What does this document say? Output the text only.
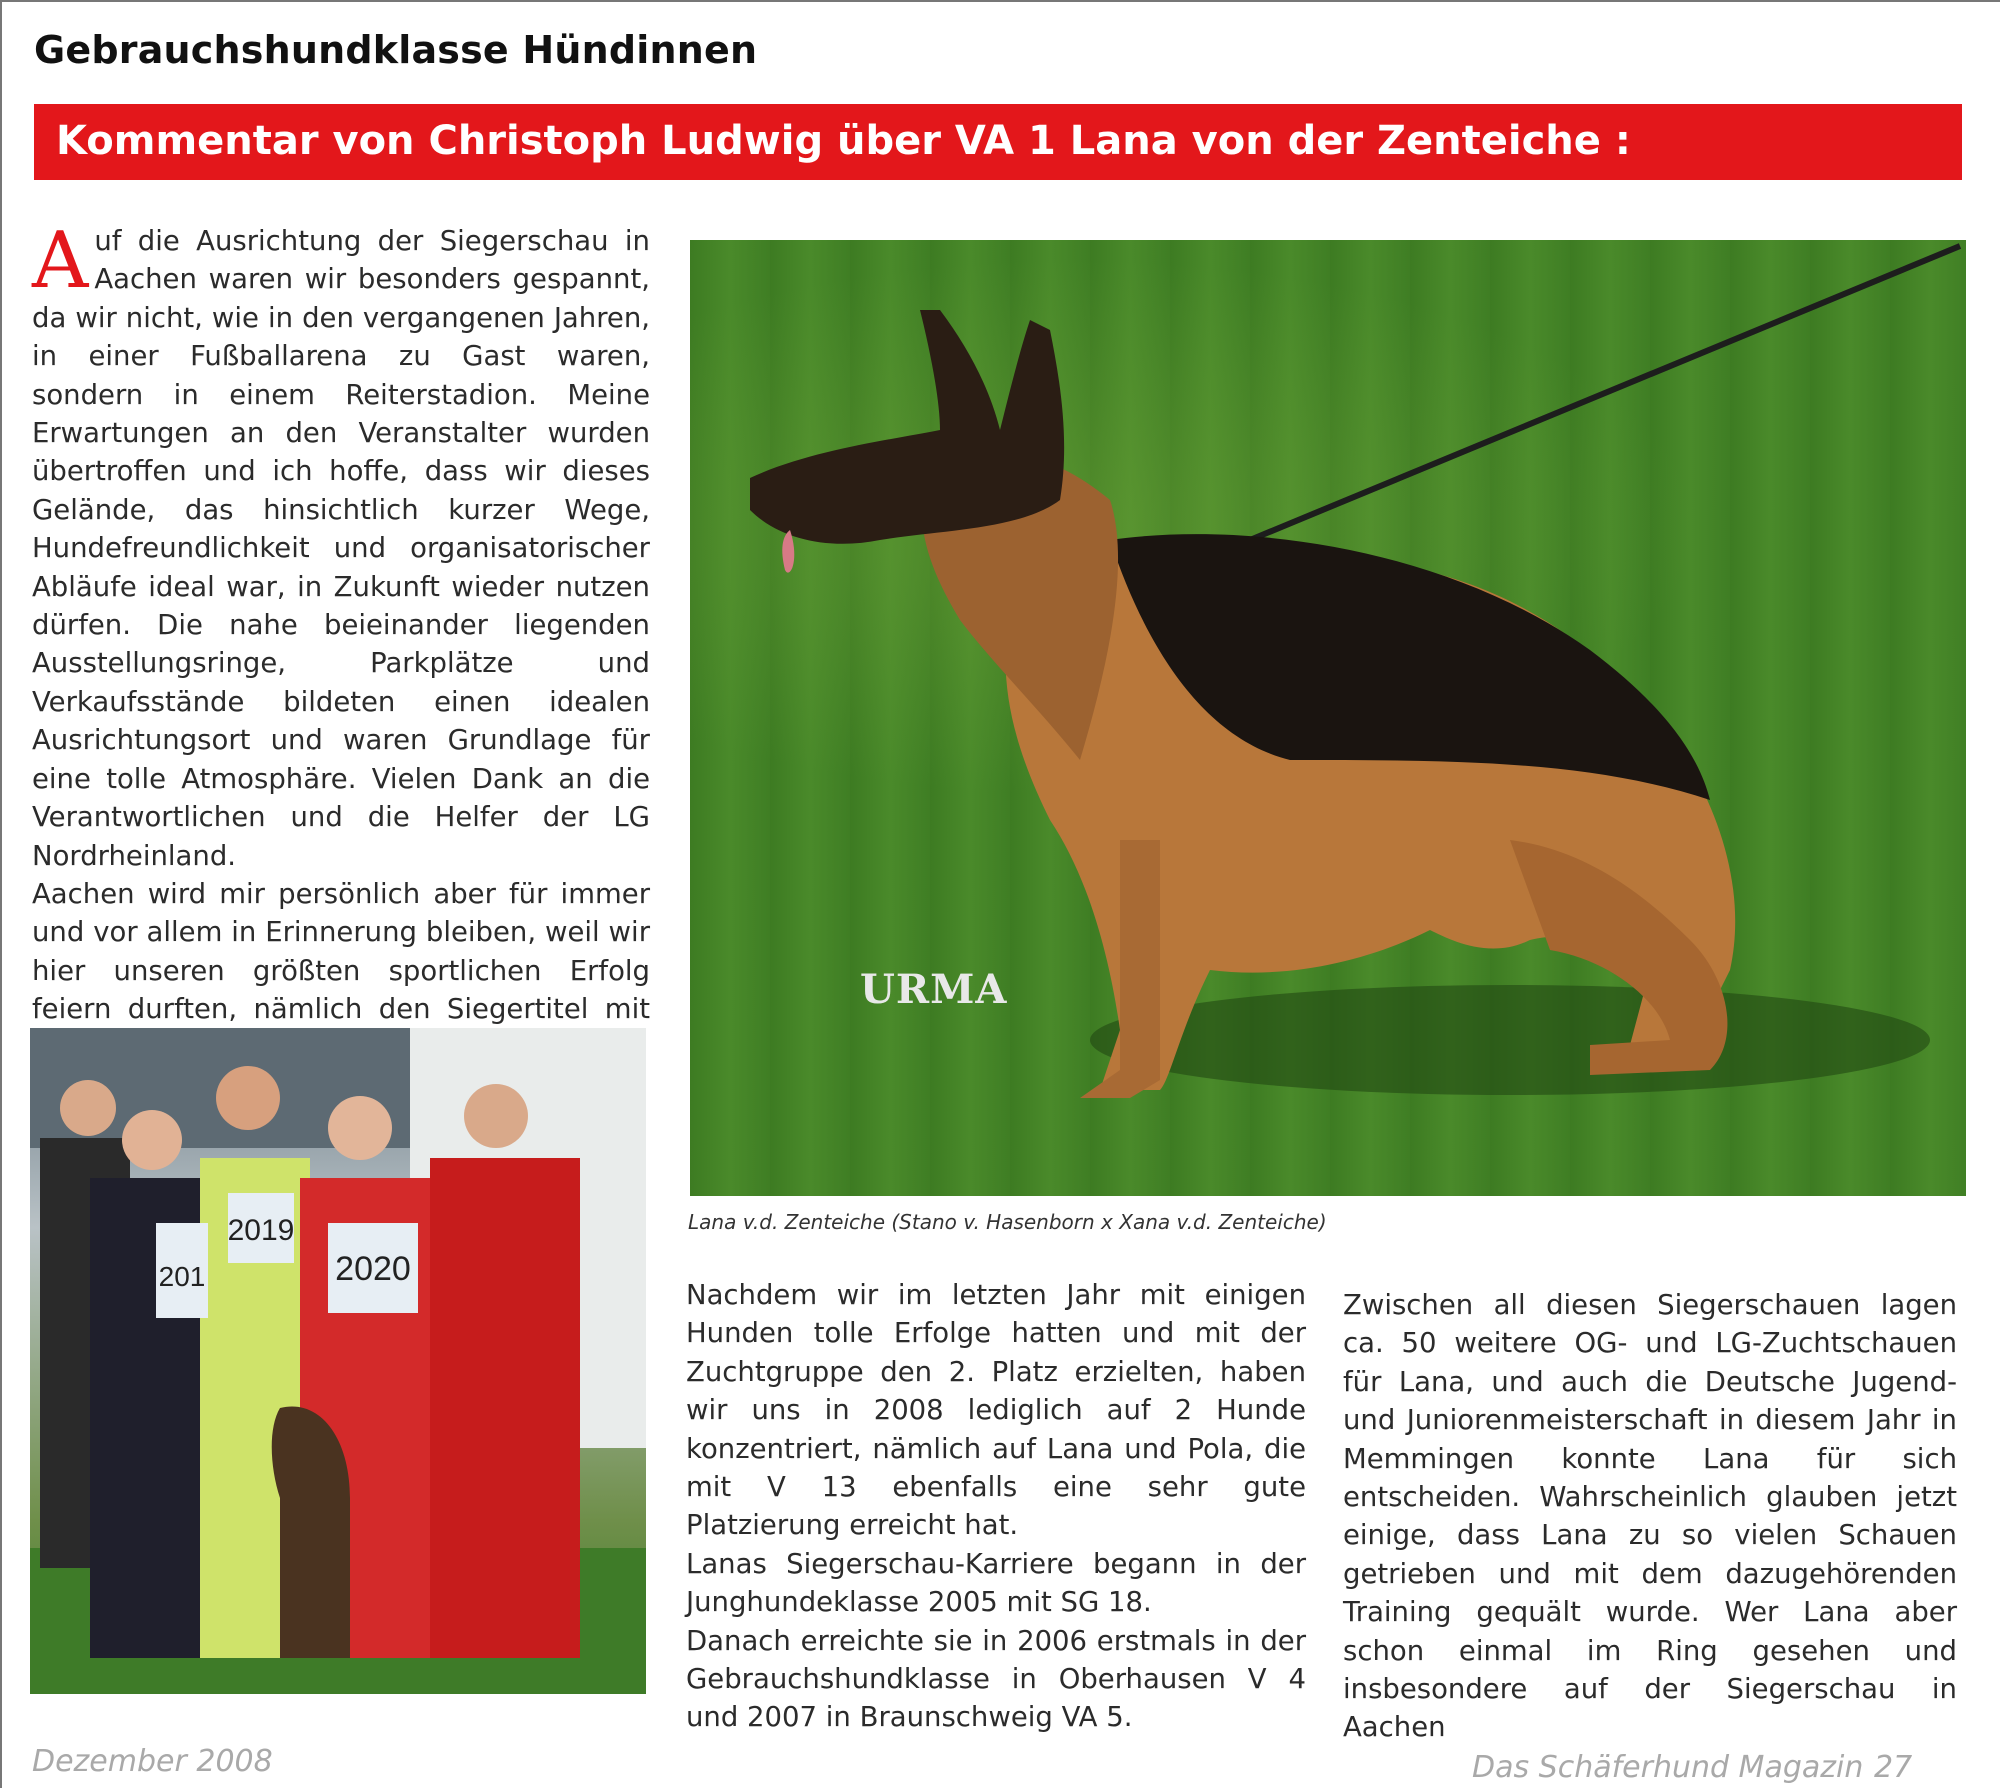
Gebrauchshundklasse Hündinnen
Kommentar von Christoph Ludwig über VA 1 Lana von der Zenteiche :

Auf die Ausrichtung der Siegerschau in Aachen waren wir besonders gespannt, da wir nicht, wie in den vergangenen Jahren, in einer Fußballarena zu Gast waren, sondern in einem Reiterstadion. Meine Erwartungen an den Veranstalter wurden übertroffen und ich hoffe, dass wir dieses Gelände, das hinsichtlich kurzer Wege, Hundefreundlichkeit und organisatorischer Abläufe ideal war, in Zukunft wieder nutzen dürfen. Die nahe beieinander liegenden Ausstellungsringe, Parkplätze und Verkaufsstände bildeten einen idealen Ausrichtungsort und waren Grundlage für eine tolle Atmosphäre. Vielen Dank an die Verantwortlichen und die Helfer der LG Nordrheinland.

Aachen wird mir persönlich aber für immer und vor allem in Erinnerung bleiben, weil wir hier unseren größten sportlichen Erfolg feiern durften, nämlich den Siegertitel mit	URMA
Lana v.d. Zenteiche (Stano v. Hasenborn x Xana v.d. Zenteiche)
2019
2020
201

Nachdem wir im letzten Jahr mit einigen Hunden tolle Erfolge hatten und mit der Zuchtgruppe den 2. Platz erzielten, haben wir uns in 2008 lediglich auf 2 Hunde konzentriert, nämlich auf Lana und Pola, die mit V 13 ebenfalls eine sehr gute Platzierung erreicht hat.

Lanas Siegerschau-Karriere begann in der Junghundeklasse 2005 mit SG 18.

Danach erreichte sie in 2006 erstmals in der Gebrauchshundklasse in Oberhausen V 4 und 2007 in Braunschweig VA 5.

Zwischen all diesen Siegerschauen lagen ca. 50 weitere OG- und LG-Zuchtschauen für Lana, und auch die Deutsche Jugend- und Juniorenmeisterschaft in diesem Jahr in Memmingen konnte Lana für sich entscheiden. Wahrscheinlich glauben jetzt einige, dass Lana zu so vielen Schauen getrieben und mit dem dazugehörenden Training gequält wurde. Wer Lana aber schon einmal im Ring gesehen und insbesondere auf der Siegerschau in Aachen

Dezember 2008	Das Schäferhund Magazin 27
